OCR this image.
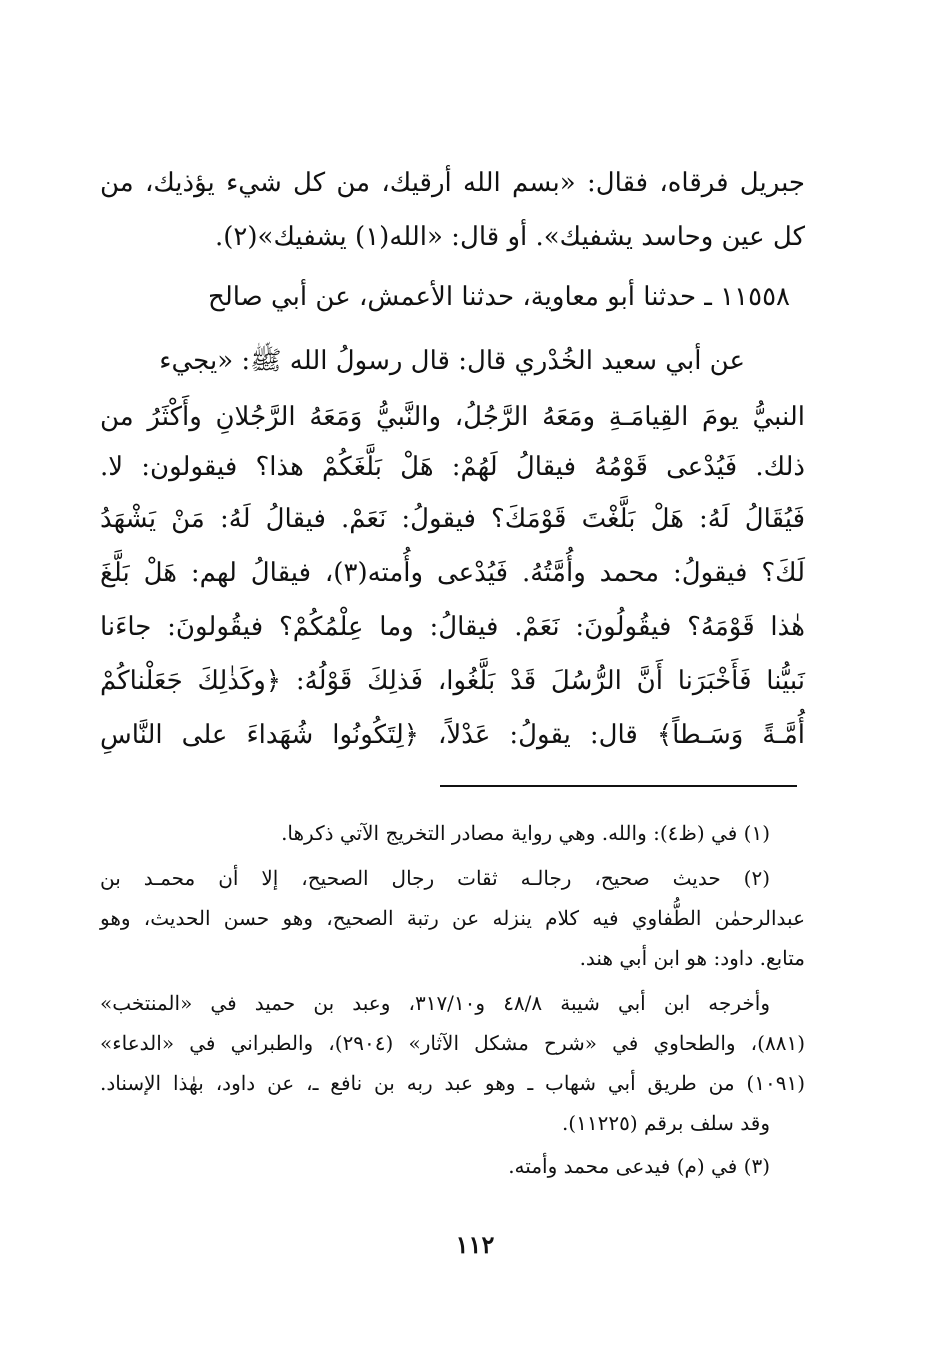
جبريل فرقاه، فقال: «بسم الله أرقيك، من كل شيء يؤذيك، من
كل عين وحاسد يشفيك». أو قال: «الله(١) يشفيك»(٢).
١١٥٥٨ ـ حدثنا أبو معاوية، حدثنا الأعمش، عن أبي صالح
عن أبي سعيد الخُدْري قال: قال رسولُ الله ﷺ: «يجيء
النبيُّ يومَ القِيامَـةِ ومَعَهُ الرَّجُلُ، والنَّبيُّ وَمَعَهُ الرَّجُلانِ وأَكْثَرُ من
ذلك. فَيُدْعى قَوْمُهُ فيقالُ لَهُمْ: هَلْ بَلَّغَكُمْ هذا؟ فيقولون: لا.
فَيُقَالُ لَهُ: هَلْ بَلَّغْتَ قَوْمَكَ؟ فيقولُ: نَعَمْ. فيقالُ لَهُ: مَنْ يَشْهَدُ
لَكَ؟ فيقولُ: محمد وأُمَّتُهُ. فَيُدْعى وأُمته(٣)، فيقالُ لهم: هَلْ بَلَّغَ
هٰذا قَوْمَهُ؟ فيقُولُونَ: نَعَمْ. فيقالُ: وما عِلْمُكُمْ؟ فيقُولونَ: جاءَنا
نَبيُّنا فَأَخْبَرَنا أَنَّ الرُّسُلَ قَدْ بَلَّغُوا، فَذلِكَ قَوْلُهُ: ﴿وكَذٰلِكَ جَعَلْناكُمْ
أُمَّـةً وَسَـطاً﴾ قال: يقولُ: عَدْلاً، ﴿لِتَكُونُوا شُهَداءَ على النَّاسِ
(١) في (ظ٤): والله. وهي رواية مصادر التخريج الآتي ذكرها.
(٢) حديث صحيح، رجالـه ثقات رجال الصحيح، إلا أن محمـد بن
عبدالرحمٰن الطُّفاوي فيه كلام ينزله عن رتبة الصحيح، وهو حسن الحديث، وهو
متابع. داود: هو ابن أبي هند.
وأخرجه ابن أبي شيبة ٤٨/٨ و٣١٧/١٠، وعبد بن حميد في «المنتخب»
(٨٨١)، والطحاوي في «شرح مشكل الآثار» (٢٩٠٤)، والطبراني في «الدعاء»
(١٠٩١) من طريق أبي شهاب ـ وهو عبد ربه بن نافع ـ، عن داود، بهٰذا الإسناد.
وقد سلف برقم (١١٢٢٥).
(٣) في (م) فيدعى محمد وأمته.
١١٢
